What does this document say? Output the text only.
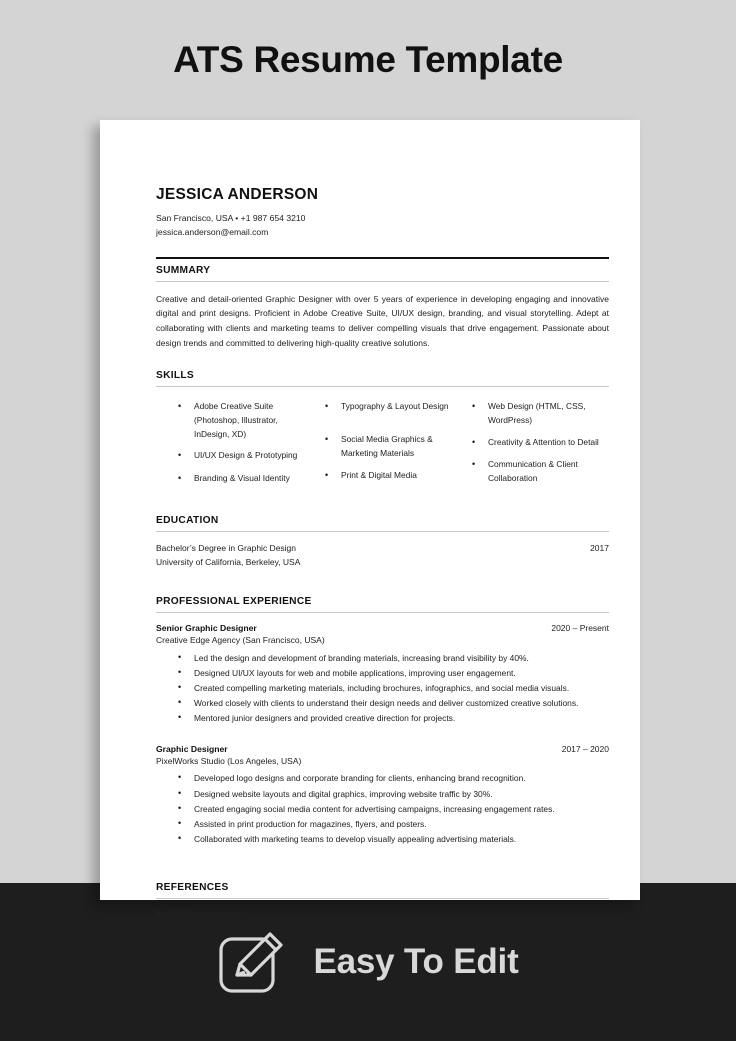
ATS Resume Template
Easy To Edit
JESSICA ANDERSON
San Francisco, USA • +1 987 654 3210
jessica.anderson@email.com
SUMMARY
Creative and detail-oriented Graphic Designer with over 5 years of experience in developing engaging and innovative digital and print designs. Proficient in Adobe Creative Suite, UI/UX design, branding, and visual storytelling. Adept at collaborating with clients and marketing teams to deliver compelling visuals that drive engagement. Passionate about design trends and committed to delivering high-quality creative solutions.
SKILLS
• Adobe Creative Suite (Photoshop, Illustrator, InDesign, XD)
• UI/UX Design & Prototyping
• Branding & Visual Identity
• Typography & Layout Design
• Social Media Graphics & Marketing Materials
• Print & Digital Media
• Web Design (HTML, CSS, WordPress)
• Creativity & Attention to Detail
• Communication & Client Collaboration
EDUCATION
Bachelor’s Degree in Graphic Design
University of California, Berkeley, USA
2017
PROFESSIONAL EXPERIENCE
Senior Graphic Designer	2020 – Present
Creative Edge Agency (San Francisco, USA)
• Led the design and development of branding materials, increasing brand visibility by 40%.
• Designed UI/UX layouts for web and mobile applications, improving user engagement.
• Created compelling marketing materials, including brochures, infographics, and social media visuals.
• Worked closely with clients to understand their design needs and deliver customized creative solutions.
• Mentored junior designers and provided creative direction for projects.
Graphic Designer	2017 – 2020
PixelWorks Studio (Los Angeles, USA)
• Developed logo designs and corporate branding for clients, enhancing brand recognition.
• Designed website layouts and digital graphics, improving website traffic by 30%.
• Created engaging social media content for advertising campaigns, increasing engagement rates.
• Assisted in print production for magazines, flyers, and posters.
• Collaborated with marketing teams to develop visually appealing advertising materials.
REFERENCES
Available upon request
